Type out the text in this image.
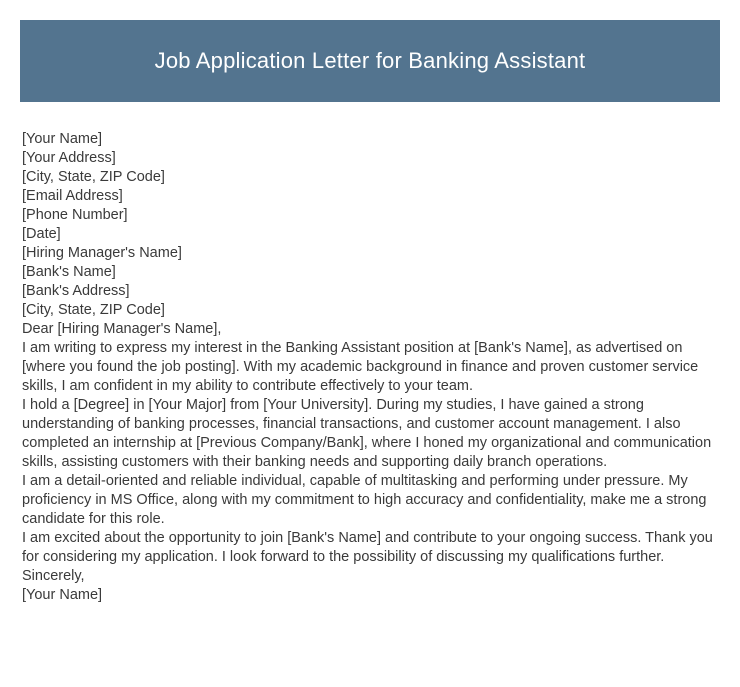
Job Application Letter for Banking Assistant

[Your Name]

[Your Address]

[City, State, ZIP Code]

[Email Address]

[Phone Number]

[Date]

[Hiring Manager's Name]

[Bank's Name]

[Bank's Address]

[City, State, ZIP Code]

Dear [Hiring Manager's Name],

I am writing to express my interest in the Banking Assistant position at [Bank's Name], as advertised on [where you found the job posting]. With my academic background in finance and proven customer service skills, I am confident in my ability to contribute effectively to your team.

I hold a [Degree] in [Your Major] from [Your University]. During my studies, I have gained a strong understanding of banking processes, financial transactions, and customer account management. I also completed an internship at [Previous Company/Bank], where I honed my organizational and communication skills, assisting customers with their banking needs and supporting daily branch operations.

I am a detail-oriented and reliable individual, capable of multitasking and performing under pressure. My proficiency in MS Office, along with my commitment to high accuracy and confidentiality, make me a strong candidate for this role.

I am excited about the opportunity to join [Bank's Name] and contribute to your ongoing success. Thank you for considering my application. I look forward to the possibility of discussing my qualifications further.

Sincerely,

[Your Name]
